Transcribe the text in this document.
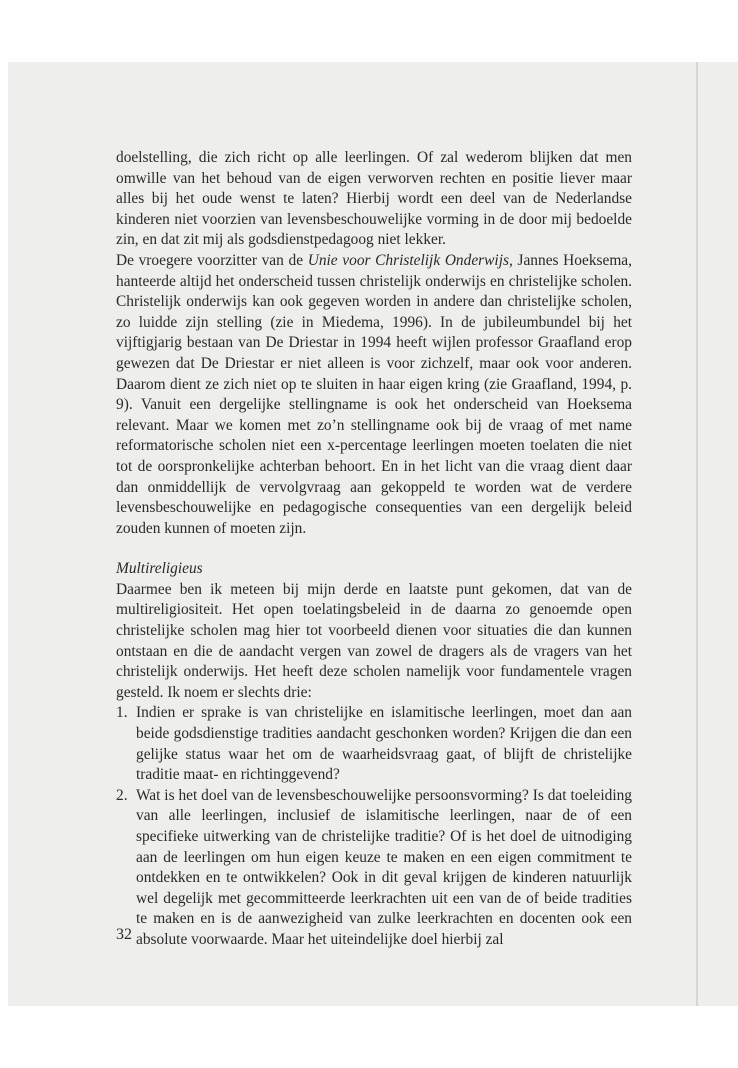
doelstelling, die zich richt op alle leerlingen. Of zal wederom blijken dat men omwille van het behoud van de eigen verworven rechten en positie liever maar alles bij het oude wenst te laten? Hierbij wordt een deel van de Nederlandse kinderen niet voorzien van levensbeschouwelijke vorming in de door mij bedoelde zin, en dat zit mij als godsdienstpedagoog niet lekker.

De vroegere voorzitter van de Unie voor Christelijk Onderwijs, Jannes Hoeksema, hanteerde altijd het onderscheid tussen christelijk onderwijs en christelijke scholen. Christelijk onderwijs kan ook gegeven worden in andere dan christelijke scholen, zo luidde zijn stelling (zie in Miedema, 1996). In de jubileumbundel bij het vijftigjarig bestaan van De Driestar in 1994 heeft wijlen professor Graafland erop gewezen dat De Driestar er niet alleen is voor zichzelf, maar ook voor anderen. Daarom dient ze zich niet op te sluiten in haar eigen kring (zie Graafland, 1994, p. 9). Vanuit een dergelijke stellingname is ook het onderscheid van Hoeksema relevant. Maar we komen met zo’n stellingname ook bij de vraag of met name reformatorische scholen niet een x-percentage leerlingen moeten toelaten die niet tot de oorspronkelijke achterban behoort. En in het licht van die vraag dient daar dan onmiddellijk de vervolgvraag aan gekoppeld te worden wat de verdere levensbeschouwelijke en pedagogische consequenties van een dergelijk beleid zouden kunnen of moeten zijn.

Multireligieus

Daarmee ben ik meteen bij mijn derde en laatste punt gekomen, dat van de multireligiositeit. Het open toelatingsbeleid in de daarna zo genoemde open christelijke scholen mag hier tot voorbeeld dienen voor situaties die dan kunnen ontstaan en die de aandacht vergen van zowel de dragers als de vragers van het christelijk onderwijs. Het heeft deze scholen namelijk voor fundamentele vragen gesteld. Ik noem er slechts drie:

1. Indien er sprake is van christelijke en islamitische leerlingen, moet dan aan beide godsdienstige tradities aandacht geschonken worden? Krijgen die dan een gelijke status waar het om de waarheidsvraag gaat, of blijft de christelijke traditie maat- en richtinggevend?
2. Wat is het doel van de levensbeschouwelijke persoonsvorming? Is dat toeleiding van alle leerlingen, inclusief de islamitische leerlingen, naar de of een specifieke uitwerking van de christelijke traditie? Of is het doel de uitnodiging aan de leerlingen om hun eigen keuze te maken en een eigen commitment te ontdekken en te ontwikkelen? Ook in dit geval krijgen de kinderen natuurlijk wel degelijk met gecommitteerde leerkrachten uit een van de of beide tradities te maken en is de aanwezigheid van zulke leerkrachten en docenten ook een absolute voorwaarde. Maar het uiteindelijke doel hierbij zal
32
